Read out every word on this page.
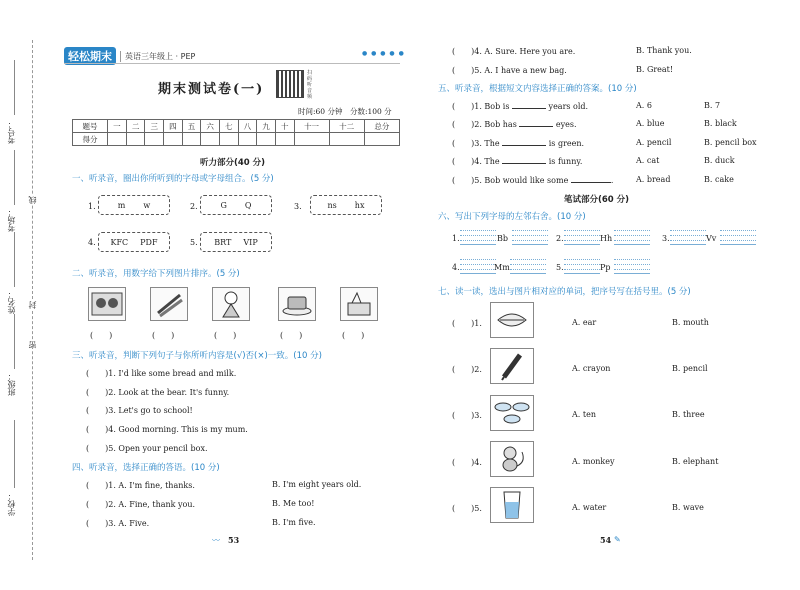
考号：
考场：
姓名：
班级：
学校：
线
封
密
轻松期末	英语三年级上 · PEP	● ● ● ● ●
期末测试卷(一)
扫码听音频
时间:60 分钟　分数:100 分
题号	一	二	三	四	五	六	七	八	九	十	十一	十二	总分
得分													
听力部分(40 分)
一、听录音，圈出你所听到的字母或字母组合。(5 分)
1.	m w	2.	G Q	3.	ns hx
4. KFC PDF	5. BRT VIP
二、听录音，用数字给下列图片排序。(5 分)
(　　)	(　　)	(　　)	(　　)	(　　)
三、听录音，判断下列句子与你所听内容是(√)否(×)一致。(10 分)
(　　)1. I'd like some bread and milk.
(　　)2. Look at the bear. It's funny.
(　　)3. Let's go to school!
(　　)4. Good morning. This is my mum.
(　　)5. Open your pencil box.
四、听录音，选择正确的答语。(10 分)
(　　)1. A. I'm fine, thanks.	B. I'm eight years old.
(　　)2. A. Fine, thank you.	B. Me too!
(　　)3. A. Five.	B. I'm five.
〰 53
(　　)4. A. Sure. Here you are.	B. Thank you.
(　　)5. A. I have a new bag.	B. Great!
五、听录音，根据短文内容选择正确的答案。(10 分)
(　　)1. Bob is	years old.	A. 6	B. 7
(　　)2. Bob has	eyes.	A. blue	B. black
(　　)3. The	is green.	A. pencil	B. pencil box
(　　)4. The	is funny.	A. cat	B. duck
(　　)5. Bob would like some	.	A. bread	B. cake
笔试部分(60 分)
六、写出下列字母的左邻右舍。(10 分)
1.	Bb	2.	Hh	3.	Vv
4.	Mm	5.	Pp
七、读一读，选出与图片相对应的单词，把序号写在括号里。(5 分)
(　　)1.	A. ear	B. mouth
(　　)2.	A. crayon	B. pencil
(　　)3.	A. ten	B. three
(　　)4.	A. monkey	B. elephant
(　　)5.	A. water	B. wave
54 ✎
